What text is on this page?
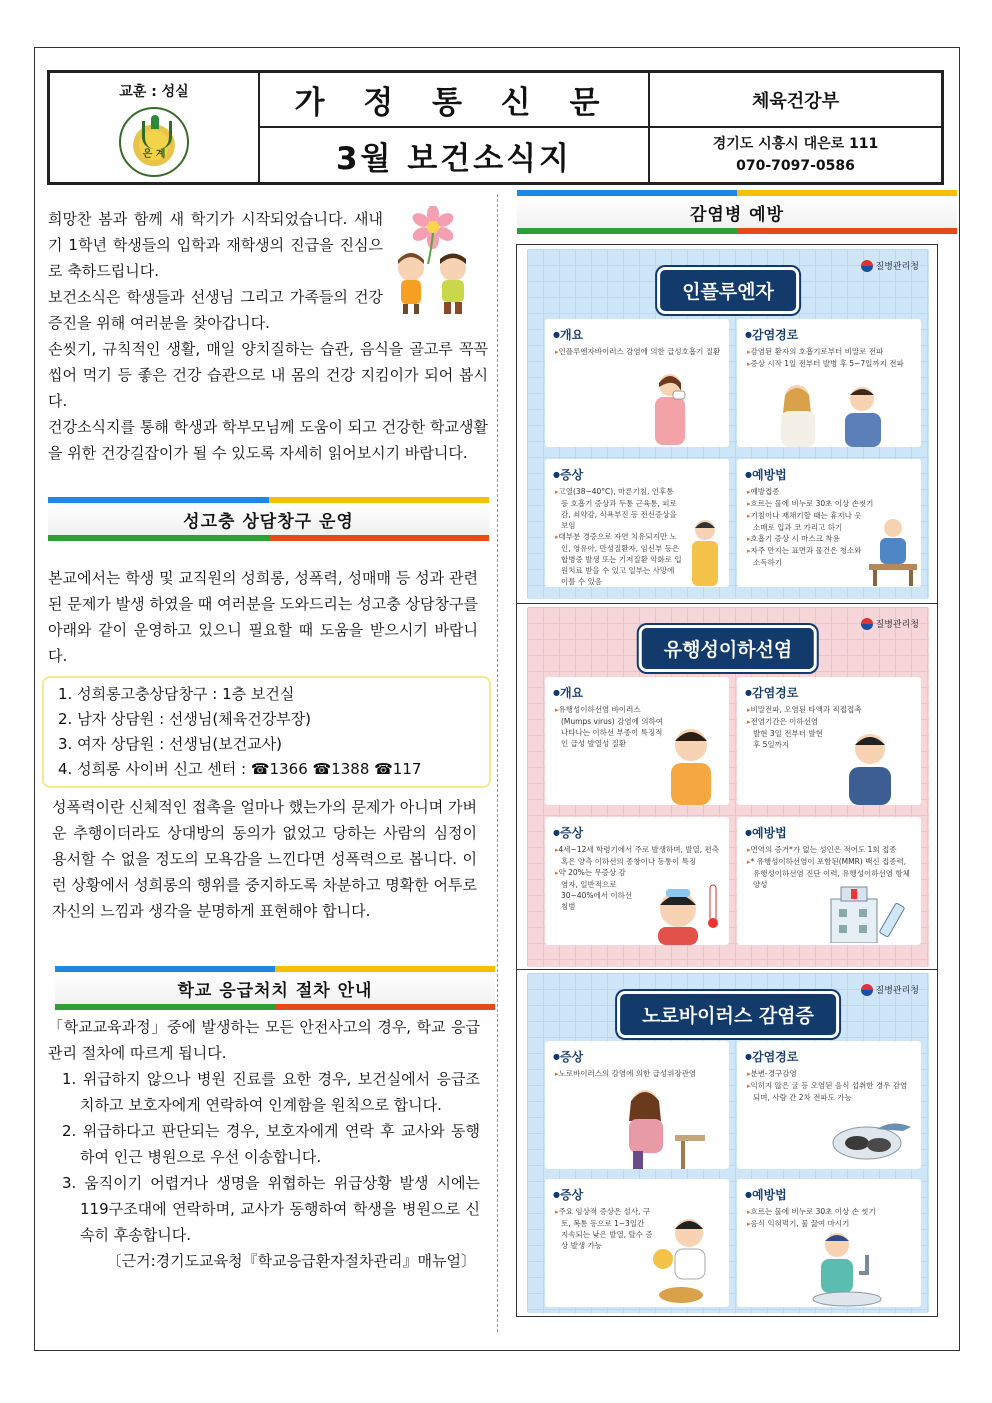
교훈 : 성실
은 계
가 정 통 신 문
3월 보건소식지
체육건강부
경기도 시흥시 대은로 111
070-7097-0586

희망찬 봄과 함께 새 학기가 시작되었습니다. 새내기 1학년 학생들의 입학과 재학생의 진급을 진심으로 축하드립니다.

보건소식은 학생들과 선생님 그리고 가족들의 건강증진을 위해 여러분을 찾아갑니다.

손씻기, 규칙적인 생활, 매일 양치질하는 습관, 음식을 골고루 꼭꼭 씹어 먹기 등 좋은 건강 습관으로 내 몸의 건강 지킴이가 되어 봅시다.

건강소식지를 통해 학생과 학부모님께 도움이 되고 건강한 학교생활을 위한 건강길잡이가 될 수 있도록 자세히 읽어보시기 바랍니다.

성고충 상담창구 운영

본교에서는 학생 및 교직원의 성희롱, 성폭력, 성매매 등 성과 관련된 문제가 발생 하였을 때 여러분을 도와드리는 성고충 상담창구를 아래와 같이 운영하고 있으니 필요할 때 도움을 받으시기 바랍니다.

1. 성희롱고충상담창구 : 1층 보건실
2. 남자 상담원 : 선생님(체육건강부장)
3. 여자 상담원 : 선생님(보건교사)
4. 성희롱 사이버 신고 센터 : ☎1366 ☎1388 ☎117

성폭력이란 신체적인 접촉을 얼마나 했는가의 문제가 아니며 가벼운 추행이더라도 상대방의 동의가 없었고 당하는 사람의 심정이 용서할 수 없을 정도의 모욕감을 느낀다면 성폭력으로 봅니다. 이런 상황에서 성희롱의 행위를 중지하도록 차분하고 명확한 어투로 자신의 느낌과 생각을 분명하게 표현해야 합니다.

학교 응급처치 절차 안내

「학교교육과정」중에 발생하는 모든 안전사고의 경우, 학교 응급관리 절차에 따르게 됩니다.

1. 위급하지 않으나 병원 진료를 요한 경우, 보건실에서 응급조치하고 보호자에게 연락하여 인계함을 원칙으로 합니다.

2. 위급하다고 판단되는 경우, 보호자에게 연락 후 교사와 동행하여 인근 병원으로 우선 이송합니다.

3. 움직이기 어렵거나 생명을 위협하는 위급상황 발생 시에는 119구조대에 연락하며, 교사가 동행하여 학생을 병원으로 신속히 후송합니다.

〔근거:경기도교육청『학교응급환자절차관리』매뉴얼〕

감염병 예방
질병관리청
인플루엔자
● 개요
▸ 인플루엔자바이러스 감염에 의한 급성호흡기 질환
● 감염경로
▸ 감염된 환자의 호흡기로부터 비말로 전파
▸ 증상 시작 1일 전부터 발병 후 5~7일까지 전파
● 증상
▸ 고열(38~40°C), 마른기침, 인후통 등 호흡기 증상과 두통 근육통, 피로감, 쇠약감, 식욕부진 등 전신증상을 보임
▸ 대부분 경증으로 자연 치유되지만 노인, 영유아, 만성질환자, 임신부 등은 합병증 발생 또는 기저질환 악화로 입원치료 받을 수 있고 일부는 사망에 이를 수 있음
● 예방법
▸ 예방접종
▸ 흐르는 물에 비누로 30초 이상 손씻기
▸ 기침이나 재채기할 때는 휴지나 옷소매로 입과 코 가리고 하기
▸ 호흡기 증상 시 마스크 착용
▸ 자주 만지는 표면과 물건은 청소와 소독하기
질병관리청
유행성이하선염
● 개요
▸ 유행성이하선염 바이러스 (Mumps virus) 감염에 의하여 나타나는 이하선 부종이 특징적인 급성 발열성 질환
● 감염경로
▸ 비말전파, 오염된 타액과 직접접촉
▸ 전염기간은 이하선염 발현 3일 전부터 발현 후 5일까지
● 증상
▸ 4세~12세 학령기에서 주로 발생하며, 발열, 편측 혹은 양측 이하선의 종창이나 동통이 특징
▸ 약 20%는 무증상 감염자, 일반적으로 30~40%에서 이하선 침범
● 예방법
▸ 면역의 증거*가 없는 성인은 적어도 1회 접종
▸ * 유행성이하선염이 포함된(MMR) 백신 접종력, 유행성이하선염 진단 이력, 유행성이하선염 항체 양성
질병관리청
노로바이러스 감염증
● 증상
▸ 노로바이러스의 감염에 의한 급성위장관염
● 감염경로
▸ 분변-경구감염
▸ 익히지 않은 굴 등 오염된 음식 섭취한 경우 감염되며, 사람 간 2차 전파도 가능
● 증상
▸ 주요 임상적 증상은 설사, 구토, 복통 등으로 1~3일간 지속되는 낮은 발열, 탈수 증상 발생 가능
● 예방법
▸ 흐르는 물에 비누로 30초 이상 손 씻기
▸ 음식 익혀먹기, 물 끓여 마시기
